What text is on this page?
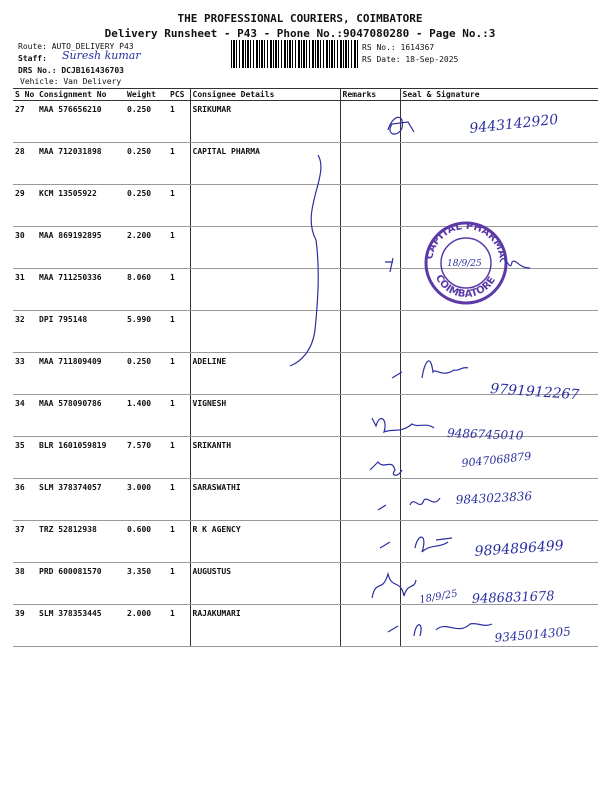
THE PROFESSIONAL COURIERS, COIMBATORE
Delivery Runsheet - P43 - Phone No.:9047080280 - Page No.:3
Route: AUTO_DELIVERY P43
Staff: Suresh kumar
DRS No.: DCJB161436703
Vehicle: Van Delivery
RS No.: 1614367
RS Date: 18-Sep-2025
S No	Consignment No	Weight	PCS	Consignee Details	Remarks	Seal & Signature
27	MAA 576656210	0.250	1	SRIKUMAR		
28	MAA 712031898	0.250	1	CAPITAL PHARMA		
29	KCM 13505922	0.250	1			
30	MAA 869192895	2.200	1			
31	MAA 711250336	8.060	1			
32	DPI 795148	5.990	1			
33	MAA 711809409	0.250	1	ADELINE		
34	MAA 578090786	1.400	1	VIGNESH		
35	BLR 1601059819	7.570	1	SRIKANTH		
36	SLM 378374057	3.000	1	SARASWATHI		
37	TRZ 52812938	0.600	1	R K AGENCY		
38	PRD 600081570	3.350	1	AUGUSTUS		
39	SLM 378353445	2.000	1	RAJAKUMARI		
CAPITAL PHARMA
COIMBATORE
18/9/25
9443142920
9791912267
9486745010
9047068879
9843023836
9894896499
9486831678
18/9/25
9345014305
